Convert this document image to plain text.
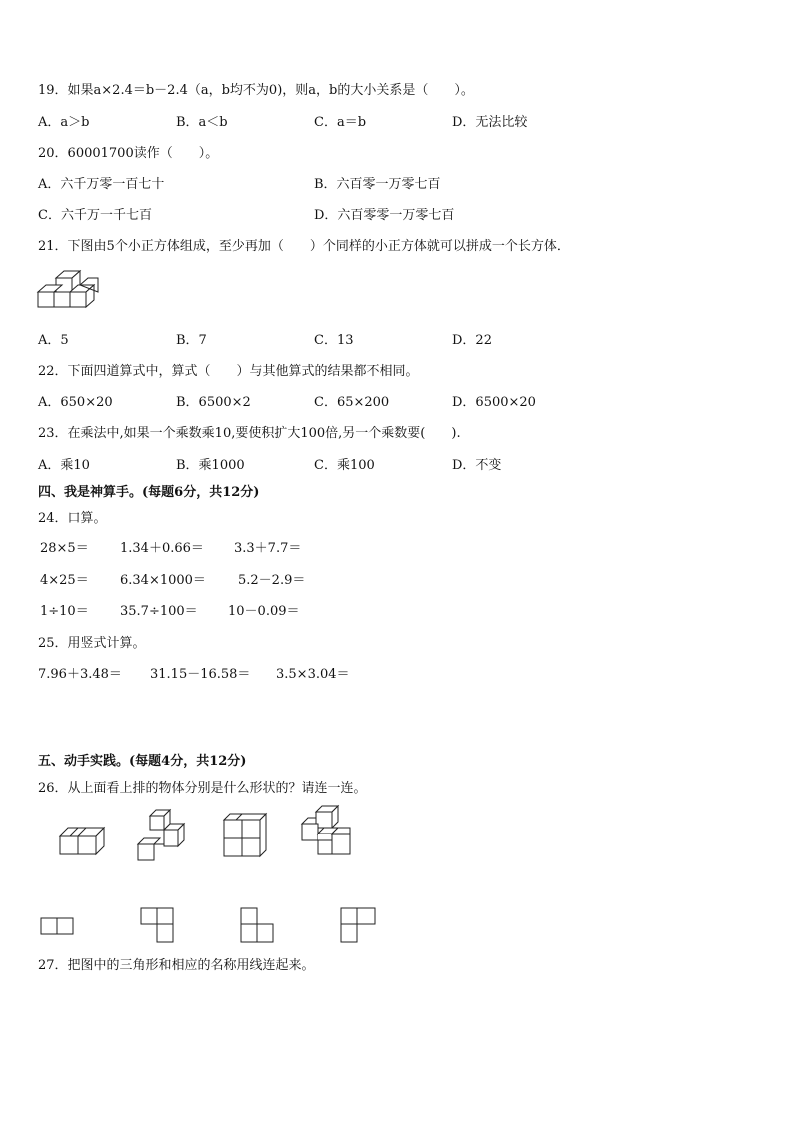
19．如果a×2.4＝b－2.4（a，b均不为0)，则a，b的大小关系是（　　）。
A．a＞b	B．a＜b	C．a＝b	D．无法比较
20．60001700读作（　　）。
A．六千万零一百七十	B．六百零一万零七百
C．六千万一千七百	D．六百零零一万零七百
21．下图由5个小正方体组成，至少再加（　　）个同样的小正方体就可以拼成一个长方体．
A．5	B．7	C．13	D．22
22．下面四道算式中，算式（　　）与其他算式的结果都不相同。
A．650×20	B．6500×2	C．65×200	D．6500×20
23．在乘法中,如果一个乘数乘10,要使积扩大100倍,另一个乘数要(　　).
A．乘10	B．乘1000	C．乘100	D．不变
四、我是神算手。(每题6分，共12分)
24．口算。
28×5＝ 1.34＋0.66＝ 3.3＋7.7＝
4×25＝ 6.34×1000＝ 5.2－2.9＝
1÷10＝ 35.7÷100＝ 10－0.09＝
25．用竖式计算。
7.96＋3.48＝ 31.15－16.58＝ 3.5×3.04＝
五、动手实践。(每题4分，共12分)
26．从上面看上排的物体分别是什么形状的？请连一连。
27．把图中的三角形和相应的名称用线连起来。
